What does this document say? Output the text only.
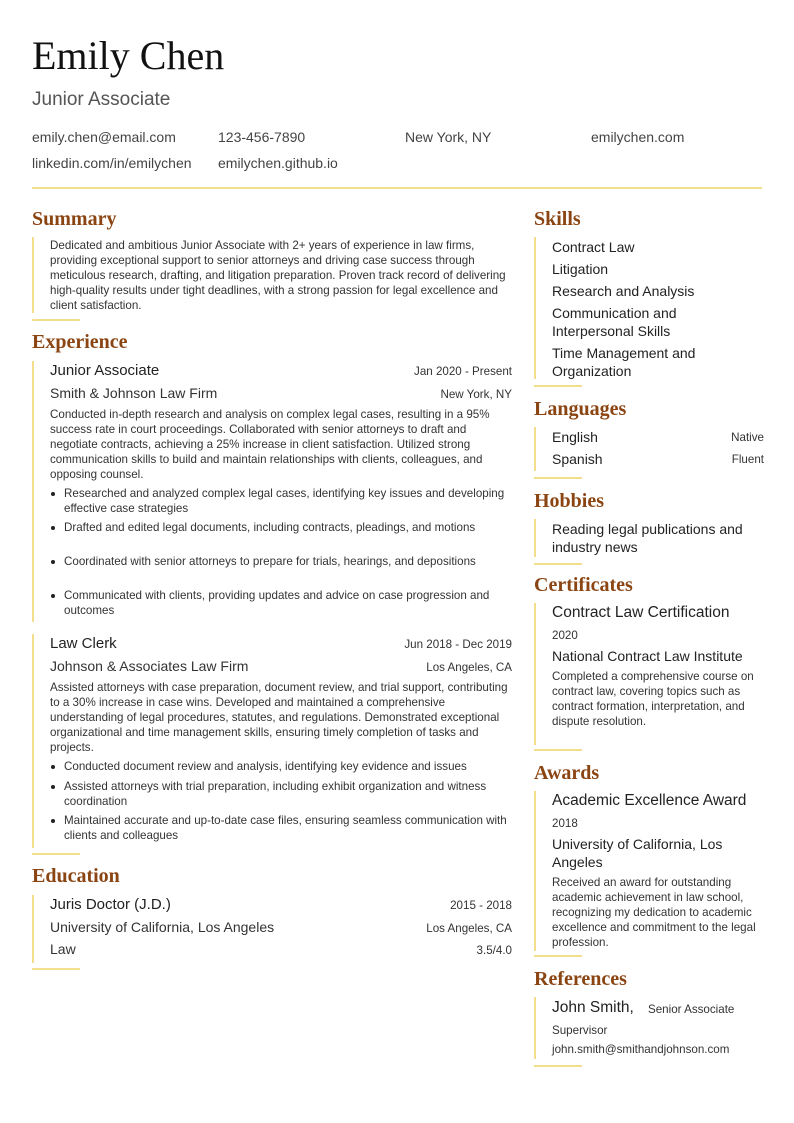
Emily Chen
Junior Associate
emily.chen@email.com	123-456-7890	New York, NY	emilychen.com
linkedin.com/in/emilychen emilychen.github.io
Summary
Dedicated and ambitious Junior Associate with 2+ years of experience in law firms, providing exceptional support to senior attorneys and driving case success through meticulous research, drafting, and litigation preparation. Proven track record of delivering high-quality results under tight deadlines, with a strong passion for legal excellence and client satisfaction.
Experience
Junior Associate	Jan 2020 - Present
Smith & Johnson Law Firm	New York, NY
Conducted in-depth research and analysis on complex legal cases, resulting in a 95% success rate in court proceedings. Collaborated with senior attorneys to draft and negotiate contracts, achieving a 25% increase in client satisfaction. Utilized strong communication skills to build and maintain relationships with clients, colleagues, and opposing counsel.
Researched and analyzed complex legal cases, identifying key issues and developing effective case strategies
Drafted and edited legal documents, including contracts, pleadings, and motions
Coordinated with senior attorneys to prepare for trials, hearings, and depositions
Communicated with clients, providing updates and advice on case progression and outcomes
Law Clerk	Jun 2018 - Dec 2019
Johnson & Associates Law Firm	Los Angeles, CA
Assisted attorneys with case preparation, document review, and trial support, contributing to a 30% increase in case wins. Developed and maintained a comprehensive understanding of legal procedures, statutes, and regulations. Demonstrated exceptional organizational and time management skills, ensuring timely completion of tasks and projects.
Conducted document review and analysis, identifying key evidence and issues
Assisted attorneys with trial preparation, including exhibit organization and witness coordination
Maintained accurate and up-to-date case files, ensuring seamless communication with clients and colleagues
Education
Juris Doctor (J.D.)	2015 - 2018
University of California, Los Angeles	Los Angeles, CA
Law	3.5/4.0
Skills
Contract Law
Litigation
Research and Analysis
Communication and Interpersonal Skills
Time Management and Organization
Languages
English	Native
Spanish	Fluent
Hobbies
Reading legal publications and industry news
Certificates
Contract Law Certification
2020
National Contract Law Institute
Completed a comprehensive course on contract law, covering topics such as contract formation, interpretation, and dispute resolution.
Awards
Academic Excellence Award
2018
University of California, Los Angeles
Received an award for outstanding academic achievement in law school, recognizing my dedication to academic excellence and commitment to the legal profession.
References
John Smith, Senior Associate
Supervisor
john.smith@smithandjohnson.com
